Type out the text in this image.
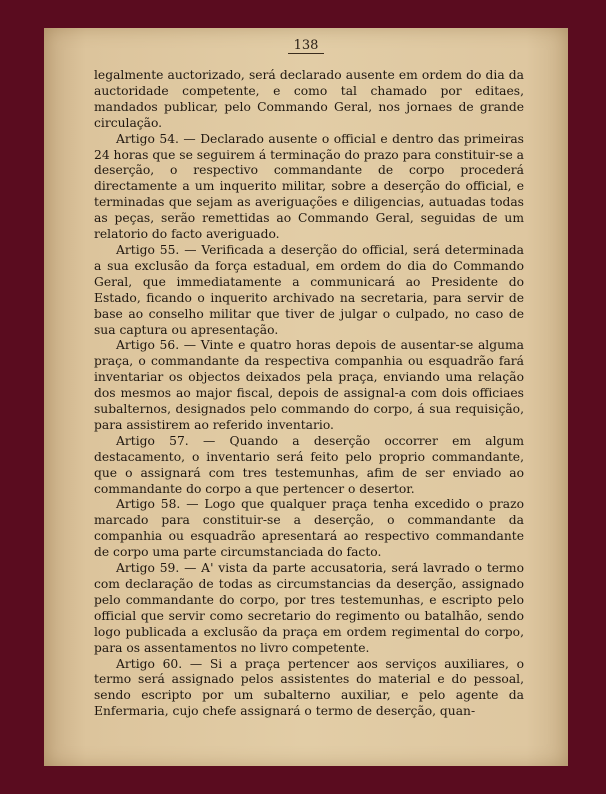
138

legalmente auctorizado, será declarado ausente em ordem do dia da auctoridade competente, e como tal chamado por editaes, mandados publicar, pelo Commando Geral, nos jornaes de grande circulação.

Artigo 54. — Declarado ausente o official e dentro das primeiras 24 horas que se seguirem á terminação do prazo para constituir-se a deserção, o respectivo commandante de corpo procederá directamente a um inquerito militar, sobre a deserção do official, e terminadas que sejam as averiguações e diligencias, autuadas todas as peças, serão remettidas ao Commando Geral, seguidas de um relatorio do facto averiguado.

Artigo 55. — Verificada a deserção do official, será determinada a sua exclusão da força estadual, em ordem do dia do Commando Geral, que immediatamente a communicará ao Presidente do Estado, ficando o inquerito archivado na secretaria, para servir de base ao conselho militar que tiver de julgar o culpado, no caso de sua captura ou apresentação.

Artigo 56. — Vinte e quatro horas depois de ausentar-se alguma praça, o commandante da respectiva companhia ou esquadrão fará inventariar os objectos deixados pela praça, enviando uma relação dos mesmos ao major fiscal, depois de assignal-a com dois officiaes subalternos, designados pelo commando do corpo, á sua requisição, para assistirem ao referido inventario.

Artigo 57. — Quando a deserção occorrer em algum destacamento, o inventario será feito pelo proprio commandante, que o assignará com tres testemunhas, afim de ser enviado ao commandante do corpo a que pertencer o desertor.

Artigo 58. — Logo que qualquer praça tenha excedido o prazo marcado para constituir-se a deserção, o commandante da companhia ou esquadrão apresentará ao respectivo commandante de corpo uma parte circumstanciada do facto.

Artigo 59. — A' vista da parte accusatoria, será lavrado o termo com declaração de todas as circumstancias da deserção, assignado pelo commandante do corpo, por tres testemunhas, e escripto pelo official que servir como secretario do regimento ou batalhão, sendo logo publicada a exclusão da praça em ordem regimental do corpo, para os assentamentos no livro competente.

Artigo 60. — Si a praça pertencer aos serviços auxiliares, o termo será assignado pelos assistentes do material e do pessoal, sendo escripto por um subalterno auxiliar, e pelo agente da Enfermaria, cujo chefe assignará o termo de deserção, quan-
